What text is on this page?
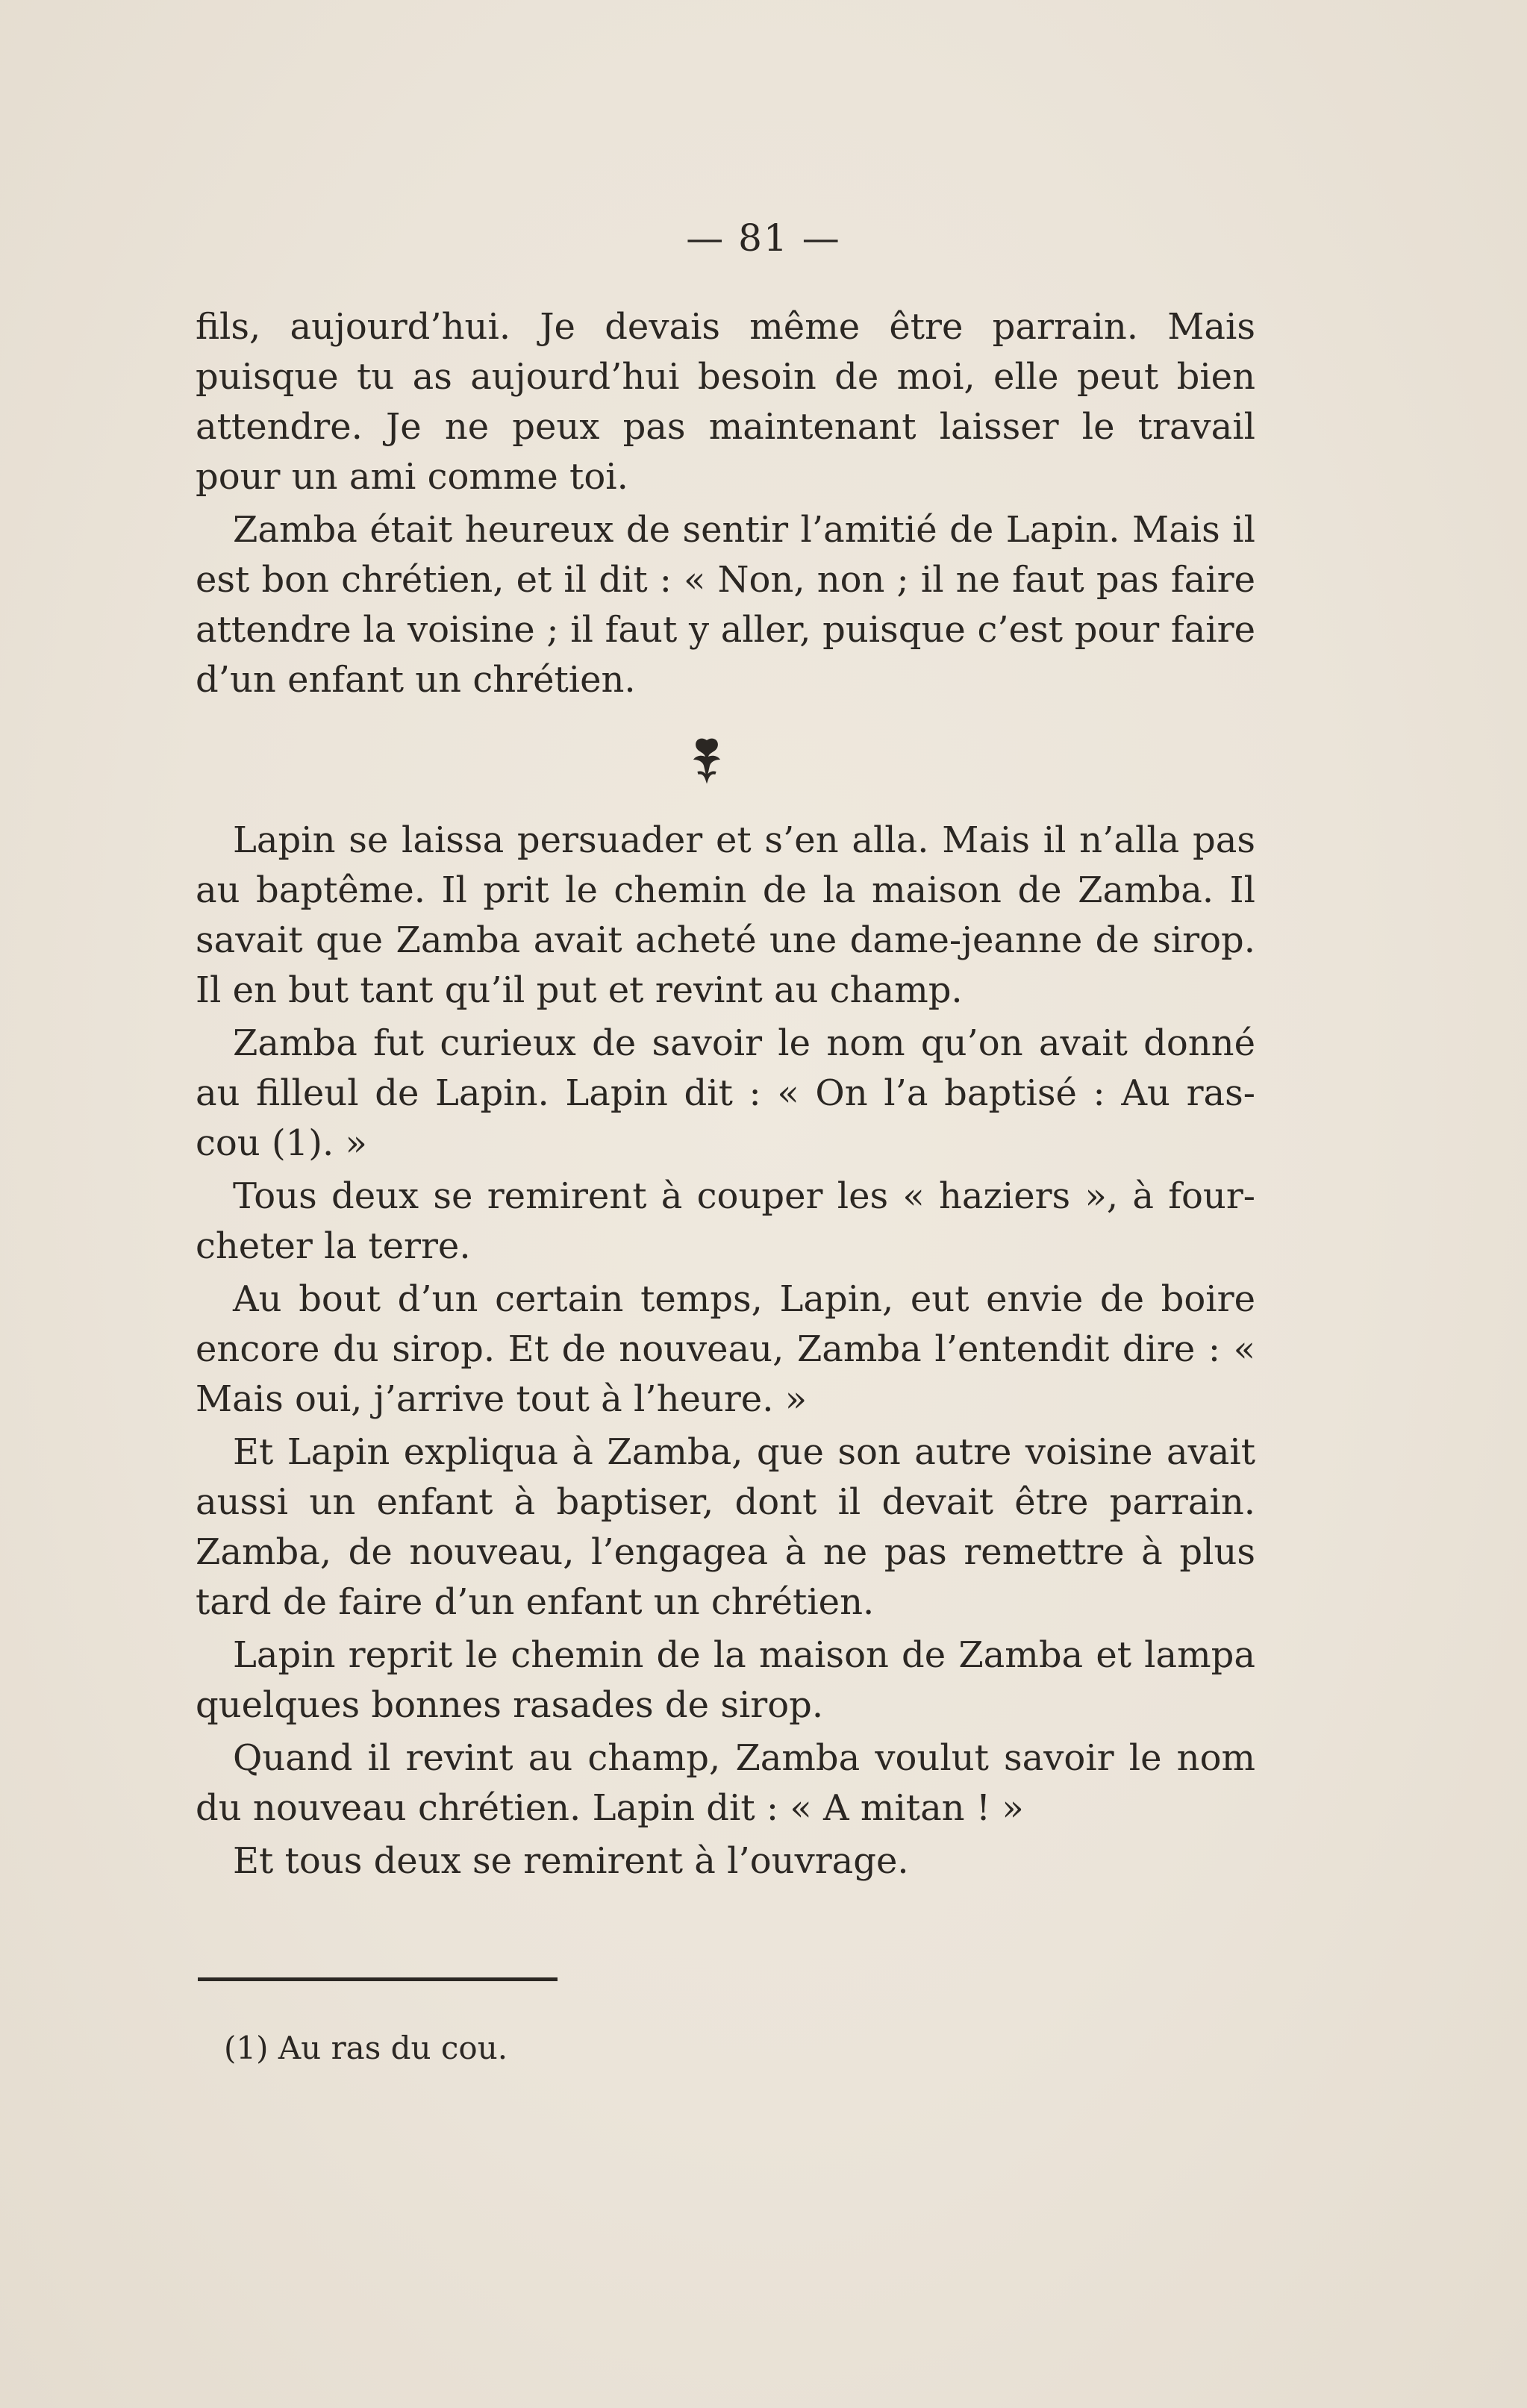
— 81 —

fils, aujourd’hui. Je devais même être parrain. Mais puisque tu as aujourd’hui besoin de moi, elle peut bien attendre. Je ne peux pas maintenant laisser le travail pour un ami comme toi.

Zamba était heureux de sentir l’amitié de Lapin. Mais il est bon chrétien, et il dit : « Non, non ; il ne faut pas faire attendre la voisine ; il faut y aller, puisque c’est pour faire d’un enfant un chrétien.

Lapin se laissa persuader et s’en alla. Mais il n’alla pas au baptême. Il prit le chemin de la maison de Zamba. Il savait que Zamba avait acheté une dame-jeanne de sirop. Il en but tant qu’il put et revint au champ.

Zamba fut curieux de savoir le nom qu’on avait donné au filleul de Lapin. Lapin dit : « On l’a baptisé : Au ras-cou (1). »

Tous deux se remirent à couper les « haziers », à four-cheter la terre.

Au bout d’un certain temps, Lapin, eut envie de boire encore du sirop. Et de nouveau, Zamba l’entendit dire : « Mais oui, j’arrive tout à l’heure. »

Et Lapin expliqua à Zamba, que son autre voisine avait aussi un enfant à baptiser, dont il devait être parrain. Zamba, de nouveau, l’engagea à ne pas remettre à plus tard de faire d’un enfant un chrétien.

Lapin reprit le chemin de la maison de Zamba et lampa quelques bonnes rasades de sirop.

Quand il revint au champ, Zamba voulut savoir le nom du nouveau chrétien. Lapin dit : « A mitan ! »

Et tous deux se remirent à l’ouvrage.

(1) Au ras du cou.
